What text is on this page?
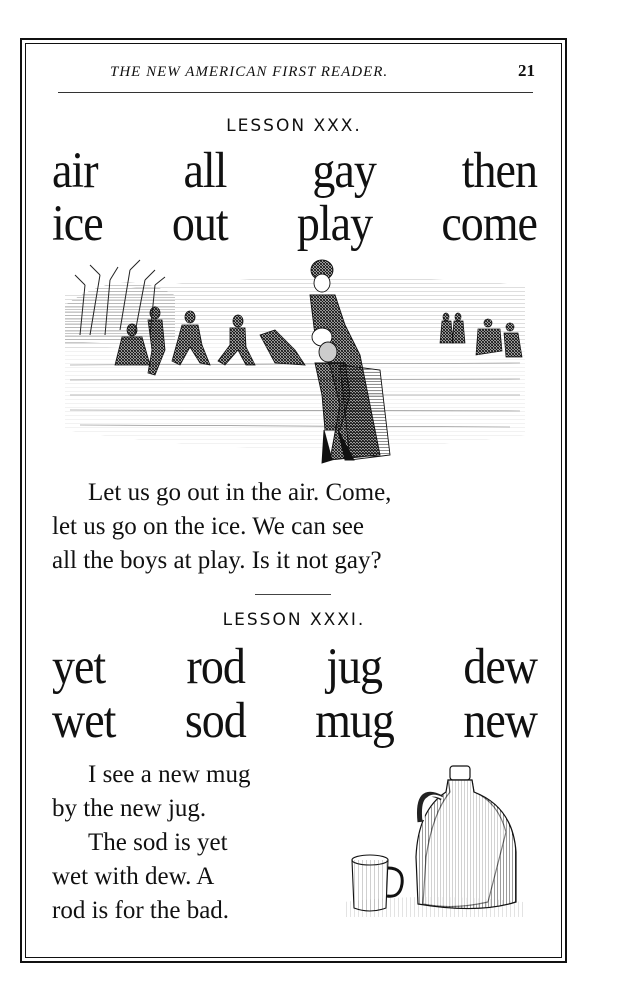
THE NEW AMERICAN FIRST READER.	21
LESSON XXX.
air all gay then
ice out play come
Let us go out in the air. Come,
let us go on the ice. We can see
all the boys at play. Is it not gay?
LESSON XXXI.
yet rod jug dew
wet sod mug new
I see a new mug
by the new jug.
The sod is yet
wet with dew. A
rod is for the bad.
